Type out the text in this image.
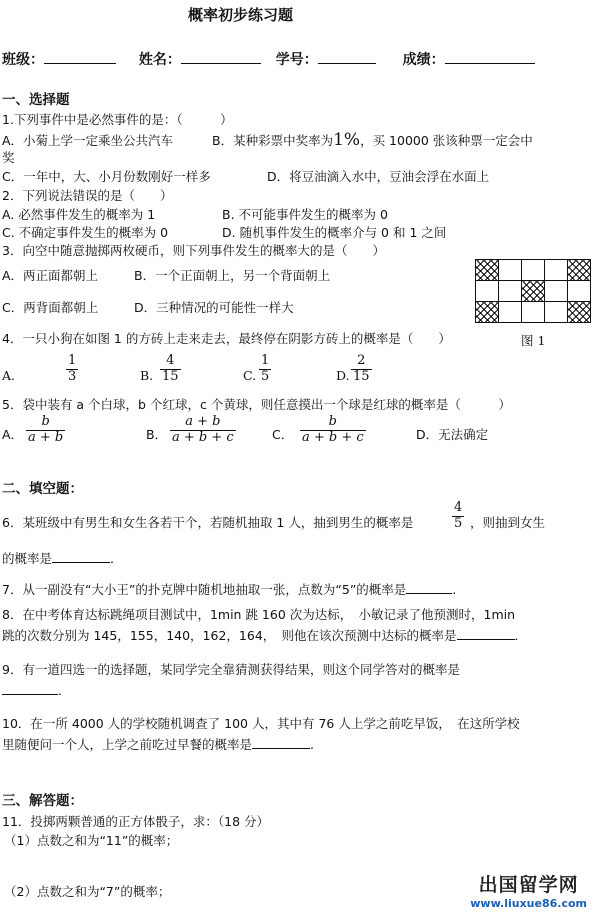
概率初步练习题
班级：	姓名：	学号：	成绩：
一、选择题
1.下列事件中是必然事件的是：（　　　）
A．小菊上学一定乘坐公共汽车	B．某种彩票中奖率为1%，买 10000 张该种票一定会中
奖
C．一年中，大、小月份数刚好一样多	D．将豆油滴入水中，豆油会浮在水面上
2．下列说法错误的是（　　）
A. 必然事件发生的概率为 1	B. 不可能事件发生的概率为 0
C. 不确定事件发生的概率为 0	D. 随机事件发生的概率介与 0 和 1 之间
3．向空中随意抛掷两枚硬币，则下列事件发生的概率大的是（　　）
A．两正面都朝上	B．一个正面朝上，另一个背面朝上
C．两背面都朝上	D．三种情况的可能性一样大

图 1
4．一只小狗在如图 1 的方砖上走来走去，最终停在阴影方砖上的概率是（　　）
A.
1
3	B.
4
15	C.
1
5	D.
2
15
5．袋中装有 a 个白球，b 个红球，c 个黄球，则任意摸出一个球是红球的概率是（　　　）
A．
b
a + b	B．
a + b
a + b + c	C．
b
a + b + c	D．无法确定
二、填空题：
6．某班级中有男生和女生各若干个，若随机抽取 1 人，抽到男生的概率是
4
5 ，则抽到女生
的概率是	.
7．从一副没有“大小王”的扑克牌中随机地抽取一张，点数为“5”的概率是	.
8．在中考体育达标跳绳项目测试中，1min 跳 160 次为达标，　小敏记录了他预测时，1min
跳的次数分别为 145，155，140，162，164，　则他在该次预测中达标的概率是	.
9．有一道四选一的选择题，某同学完全靠猜测获得结果，则这个同学答对的概率是
.
10．在一所 4000 人的学校随机调查了 100 人，其中有 76 人上学之前吃早饭，　在这所学校
里随便问一个人，上学之前吃过早餐的概率是	.
三、解答题：
11．投掷两颗普通的正方体骰子，求：（18 分）
（1）点数之和为“11”的概率；
（2）点数之和为“7”的概率；	出国留学网
www.liuxue86.com
